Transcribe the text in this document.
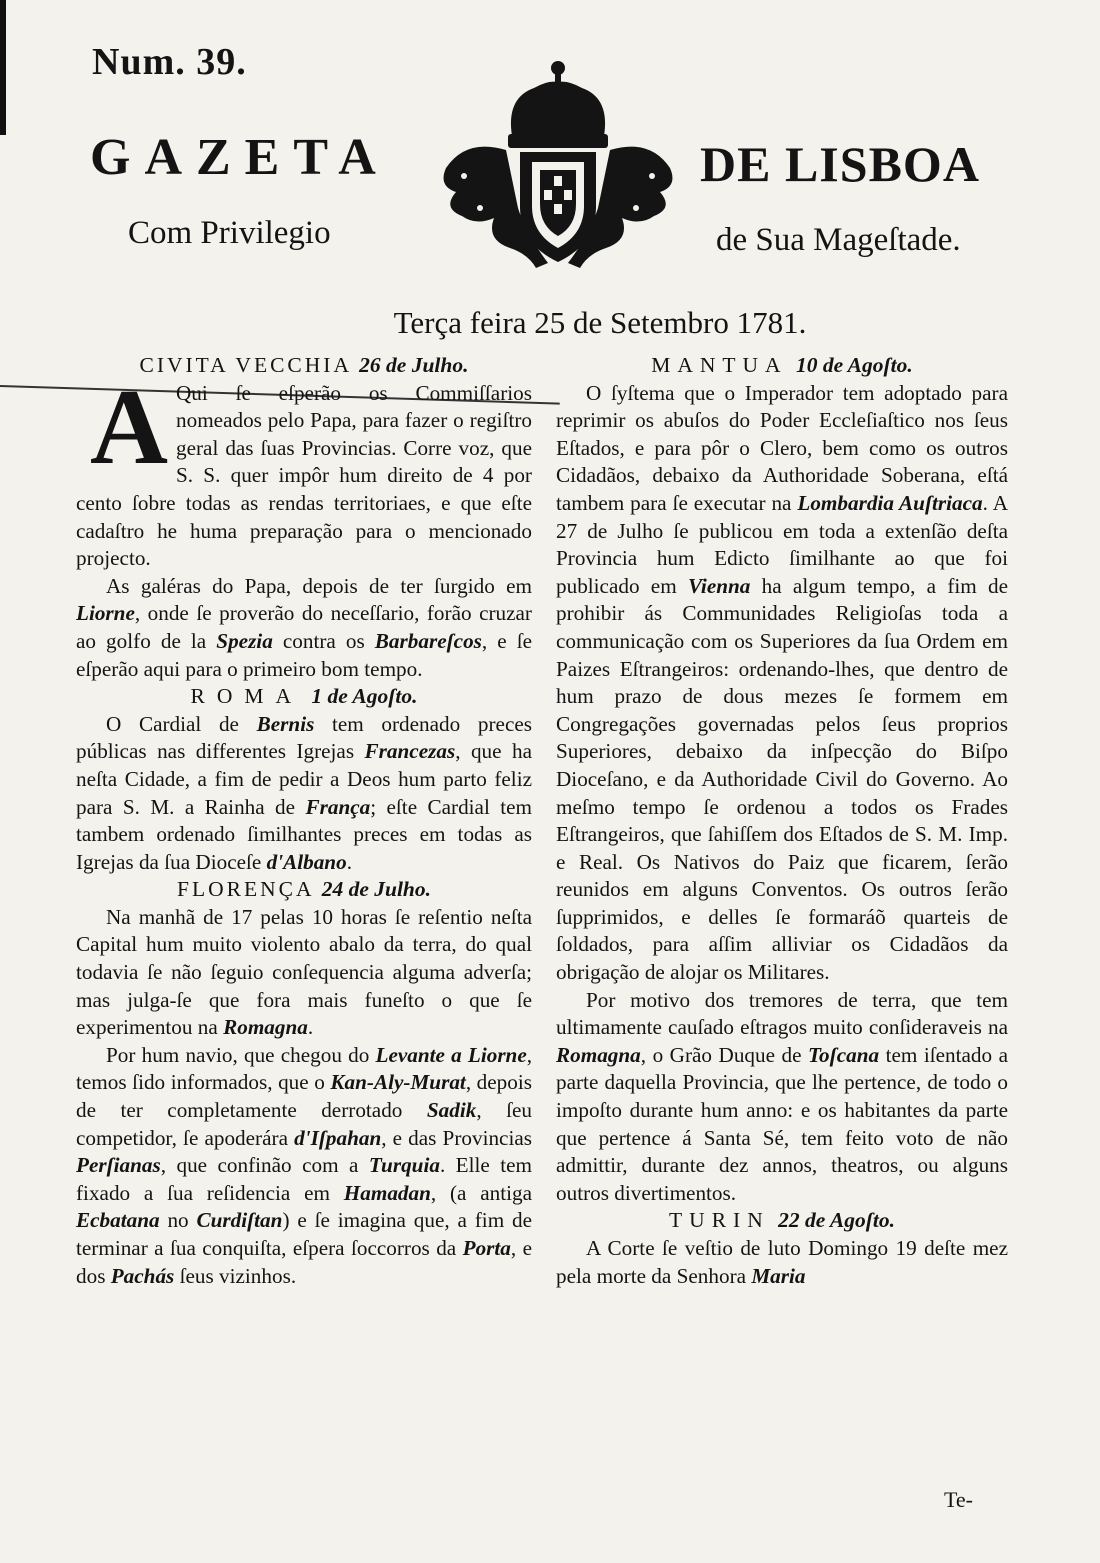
Num. 39.
GAZETA	DE LISBOA
Com Privilegio	de Sua Mageſtade.
Terça feira 25 de Setembro 1781.

CIVITA VECCHIA 26 de Julho.

A Qui ſe eſperão os Commiſſarios nomeados pelo Papa, para fazer o regiſtro geral das ſuas Provincias. Corre voz, que S. S. quer impôr hum direito de 4 por cento ſobre todas as rendas territoriaes, e que eſte cadaſtro he huma preparação para o mencionado projecto.

As galéras do Papa, depois de ter ſurgido em Liorne, onde ſe proverão do neceſſario, forão cruzar ao golfo de la Spezia contra os Barbareſcos, e ſe eſperão aqui para o primeiro bom tempo.

ROMA 1 de Agoſto.

O Cardial de Bernis tem ordenado preces públicas nas differentes Igrejas Francezas, que ha neſta Cidade, a fim de pedir a Deos hum parto feliz para S. M. a Rainha de França; eſte Cardial tem tambem ordenado ſimilhantes preces em todas as Igrejas da ſua Dioceſe d'Albano.

FLORENÇA 24 de Julho.

Na manhã de 17 pelas 10 horas ſe reſentio neſta Capital hum muito violento abalo da terra, do qual todavia ſe não ſeguio conſequencia alguma adverſa; mas julga-ſe que fora mais funeſto o que ſe experimentou na Romagna.

Por hum navio, que chegou do Levante a Liorne, temos ſido informados, que o Kan-Aly-Murat, depois de ter completamente derrotado Sadik, ſeu competidor, ſe apoderára d'Iſpahan, e das Provincias Perſianas, que confinão com a Turquia. Elle tem fixado a ſua reſidencia em Hamadan, (a antiga Ecbatana no Curdiſtan) e ſe imagina que, a fim de terminar a ſua conquiſta, eſpera ſoccorros da Porta, e dos Pachás ſeus vizinhos.

MANTUA 10 de Agoſto.

O ſyſtema que o Imperador tem adoptado para reprimir os abuſos do Poder Eccleſiaſtico nos ſeus Eſtados, e para pôr o Clero, bem como os outros Cidadãos, debaixo da Authoridade Soberana, eſtá tambem para ſe executar na Lombardia Auſtriaca. A 27 de Julho ſe publicou em toda a extenſão deſta Provincia hum Edicto ſimilhante ao que foi publicado em Vienna ha algum tempo, a fim de prohibir ás Communidades Religioſas toda a communicação com os Superiores da ſua Ordem em Paizes Eſtrangeiros: ordenando-lhes, que dentro de hum prazo de dous mezes ſe formem em Congregações governadas pelos ſeus proprios Superiores, debaixo da inſpecção do Biſpo Dioceſano, e da Authoridade Civil do Governo. Ao meſmo tempo ſe ordenou a todos os Frades Eſtrangeiros, que ſahiſſem dos Eſtados de S. M. Imp. e Real. Os Nativos do Paiz que ficarem, ſerão reunidos em alguns Conventos. Os outros ſerão ſupprimidos, e delles ſe formaráõ quarteis de ſoldados, para aſſim alliviar os Cidadãos da obrigação de alojar os Militares.

Por motivo dos tremores de terra, que tem ultimamente cauſado eſtragos muito conſideraveis na Romagna, o Grão Duque de Toſcana tem iſentado a parte daquella Provincia, que lhe pertence, de todo o impoſto durante hum anno: e os habitantes da parte que pertence á Santa Sé, tem feito voto de não admittir, durante dez annos, theatros, ou alguns outros divertimentos.

TURIN 22 de Agoſto.

A Corte ſe veſtio de luto Domingo 19 deſte mez pela morte da Senhora Maria

Te-
